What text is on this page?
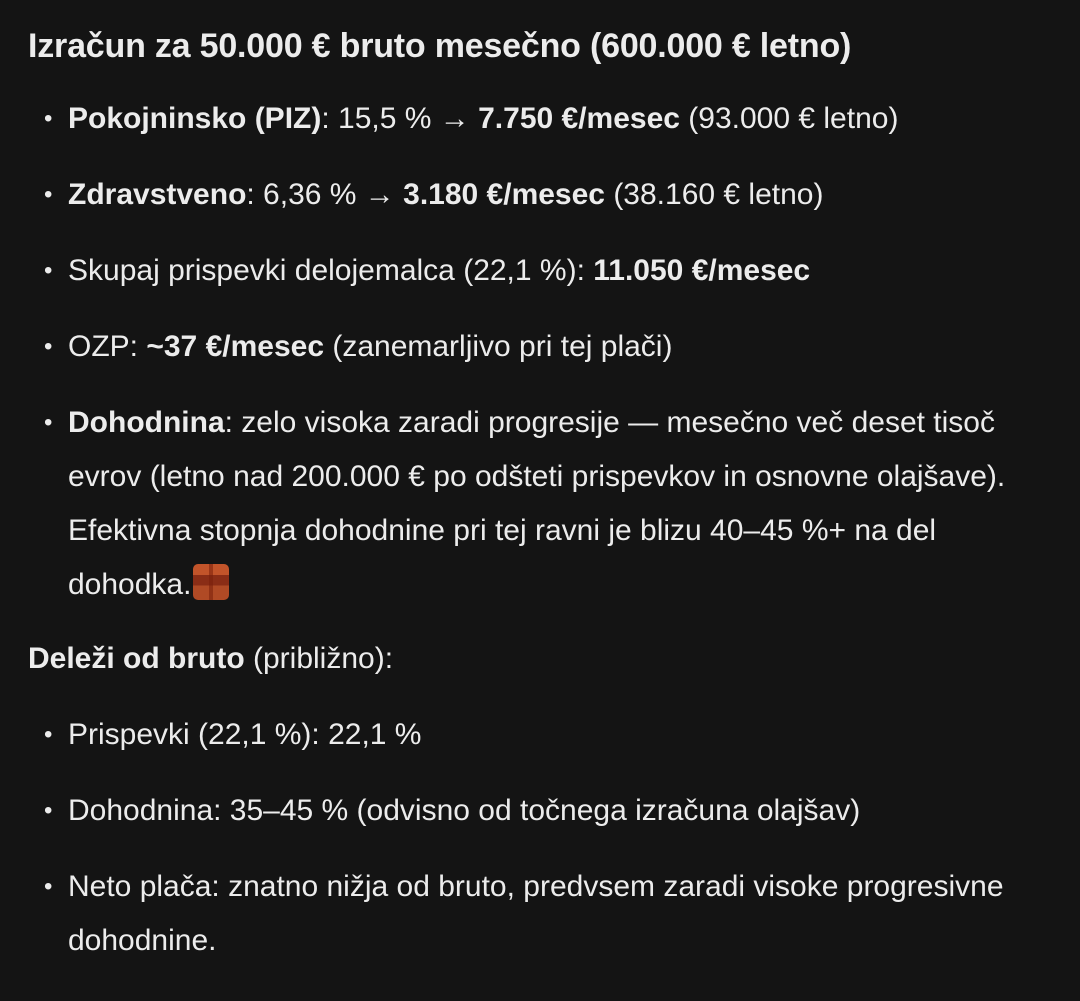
Izračun za 50.000 € bruto mesečno (600.000 € letno)
• Pokojninsko (PIZ): 15,5 % → 7.750 €/mesec (93.000 € letno)
• Zdravstveno: 6,36 % → 3.180 €/mesec (38.160 € letno)
• Skupaj prispevki delojemalca (22,1 %): 11.050 €/mesec
• OZP: ~37 €/mesec (zanemarljivo pri tej plači)
• Dohodnina: zelo visoka zaradi progresije — mesečno več deset tisoč evrov (letno nad 200.000 € po odšteti prispevkov in osnovne olajšave). Efektivna stopnja dohodnine pri tej ravni je blizu 40–45 %+ na del dohodka.
Deleži od bruto (približno):
• Prispevki (22,1 %): 22,1 %
• Dohodnina: 35–45 % (odvisno od točnega izračuna olajšav)
• Neto plača: znatno nižja od bruto, predvsem zaradi visoke progresivne dohodnine.
